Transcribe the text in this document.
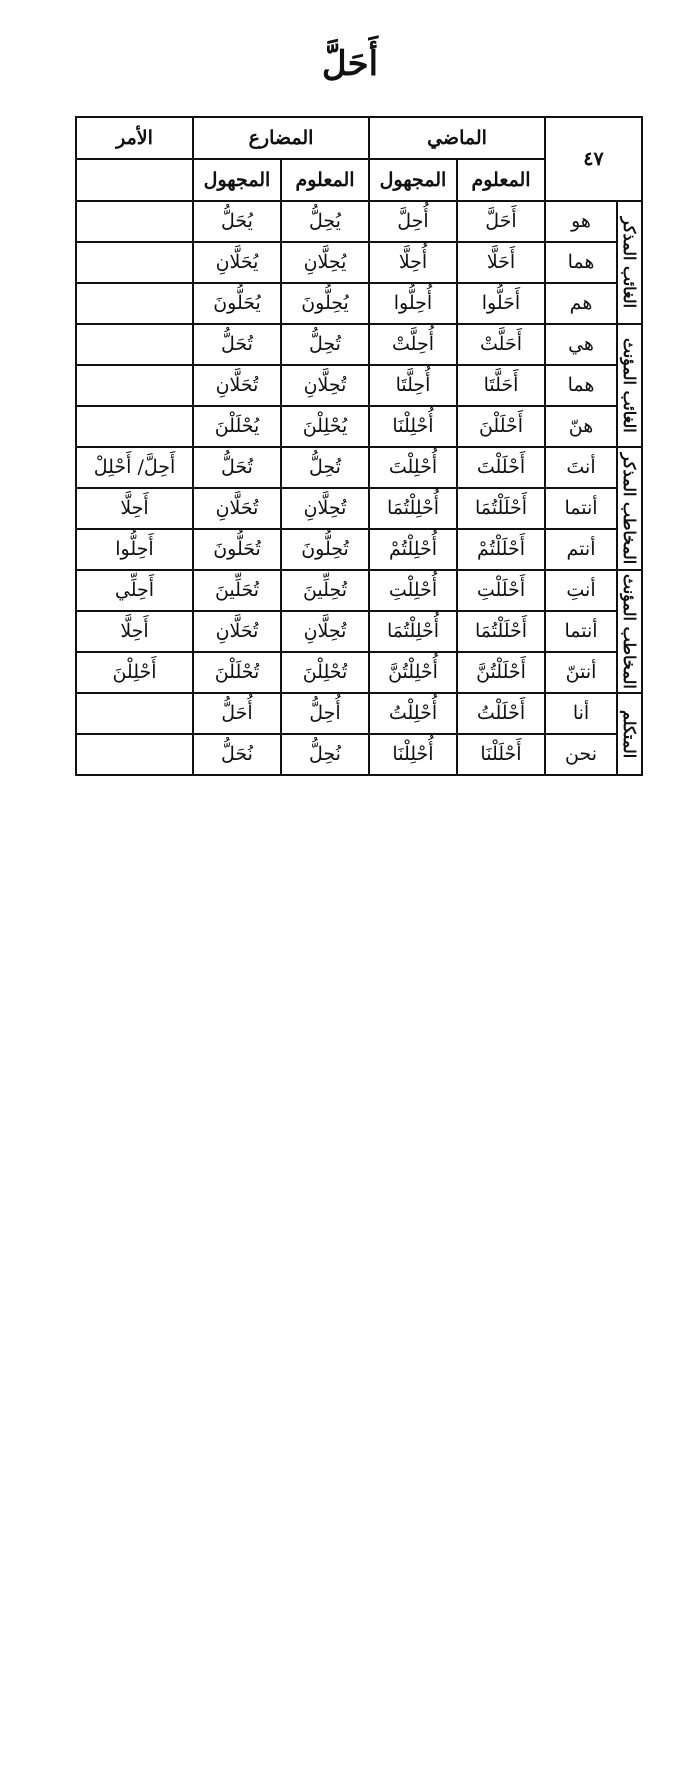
أَحَلَّ
٤٧		الماضي		المضارع		الأمر
		المعلوم	المجهول	المعلوم	المجهول	

الغائب المذكر	هو	أَحَلَّ	أُحِلَّ	يُحِلُّ	يُحَلُّ	
	هما	أَحَلَّا	أُحِلَّا	يُحِلَّانِ	يُحَلَّانِ	
	هم	أَحَلُّوا	أُحِلُّوا	يُحِلُّونَ	يُحَلُّونَ	

الغائب المؤنث	هي	أَحَلَّتْ	أُحِلَّتْ	تُحِلُّ	تُحَلُّ	
	هما	أَحَلَّتَا	أُحِلَّتَا	تُحِلَّانِ	تُحَلَّانِ	
	هنّ	أَحْلَلْنَ	أُحْلِلْنَا	يُحْلِلْنَ	يُحْلَلْنَ	

المخاطب المذكر	أنتَ	أَحْلَلْتَ	أُحْلِلْتَ	تُحِلُّ	تُحَلُّ	أَحِلَّ/ أَحْلِلْ
	أنتما	أَحْلَلْتُمَا	أُحْلِلْتُمَا	تُحِلَّانِ	تُحَلَّانِ	أَحِلَّا
	أنتم	أَحْلَلْتُمْ	أُحْلِلْتُمْ	تُحِلُّونَ	تُحَلُّونَ	أَحِلُّوا

المخاطب المؤنث	أنتِ	أَحْلَلْتِ	أُحْلِلْتِ	تُحِلِّينَ	تُحَلِّينَ	أَحِلِّي
	أنتما	أَحْلَلْتُمَا	أُحْلِلْتُمَا	تُحِلَّانِ	تُحَلَّانِ	أَحِلَّا
	أنتنّ	أَحْلَلْتُنَّ	أُحْلِلْتُنَّ	تُحْلِلْنَ	تُحْلَلْنَ	أَحْلِلْنَ

المتكلم	أنا	أَحْلَلْتُ	أُحْلِلْتُ	أُحِلُّ	أُحَلُّ	
	نحن	أَحْلَلْنَا	أُحْلِلْنَا	نُحِلُّ	نُحَلُّ	
